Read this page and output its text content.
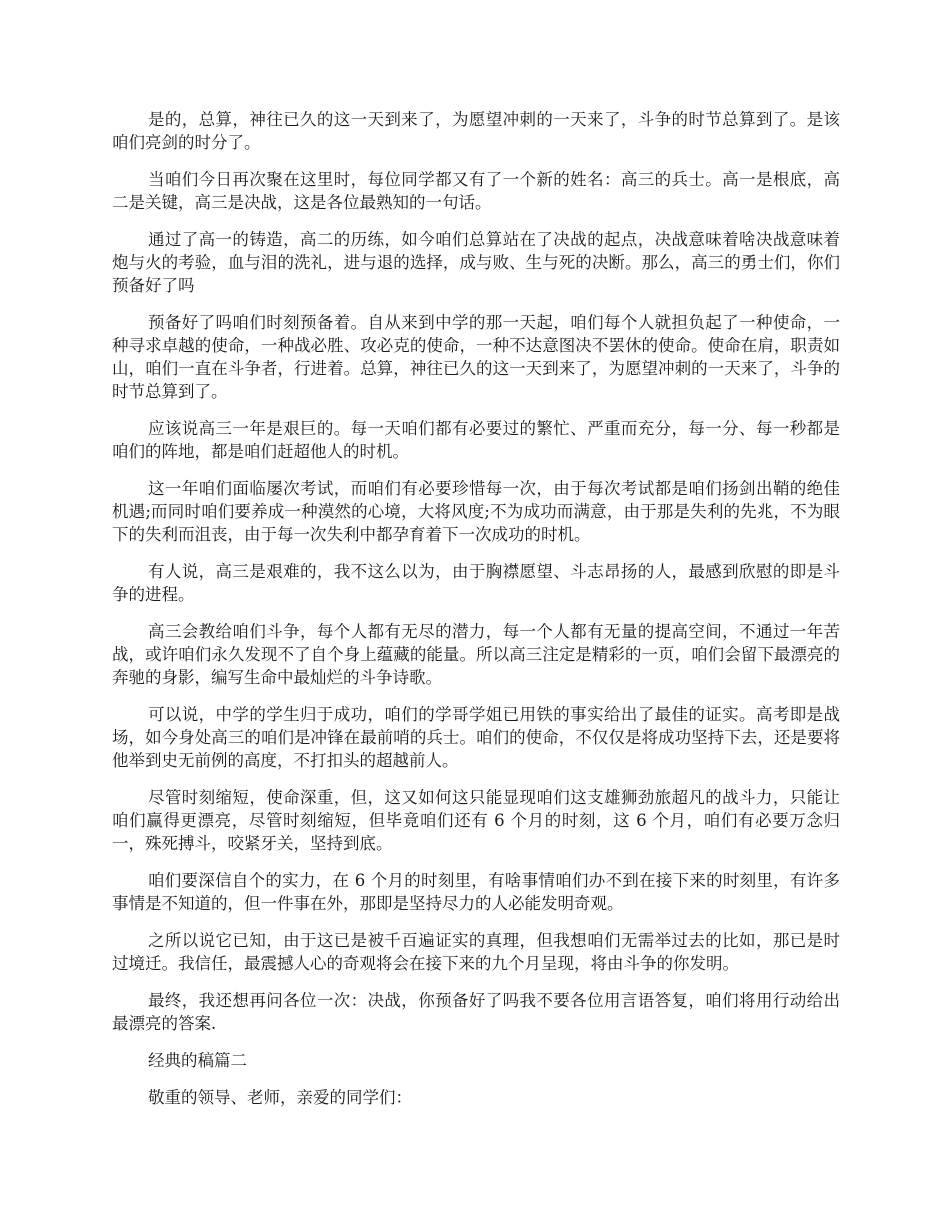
是的，总算，神往已久的这一天到来了，为愿望冲刺的一天来了，斗争的时节总算到了。是该咱们亮剑的时分了。

当咱们今日再次聚在这里时，每位同学都又有了一个新的姓名：高三的兵士。高一是根底，高二是关键，高三是决战，这是各位最熟知的一句话。

通过了高一的铸造，高二的历练，如今咱们总算站在了决战的起点，决战意味着啥决战意味着炮与火的考验，血与泪的洗礼，进与退的选择，成与败、生与死的决断。那么，高三的勇士们，你们预备好了吗

预备好了吗咱们时刻预备着。自从来到中学的那一天起，咱们每个人就担负起了一种使命，一种寻求卓越的使命，一种战必胜、攻必克的使命，一种不达意图决不罢休的使命。使命在肩，职责如山，咱们一直在斗争者，行进着。总算，神往已久的这一天到来了，为愿望冲刺的一天来了，斗争的时节总算到了。

应该说高三一年是艰巨的。每一天咱们都有必要过的繁忙、严重而充分，每一分、每一秒都是咱们的阵地，都是咱们赶超他人的时机。

这一年咱们面临屡次考试，而咱们有必要珍惜每一次，由于每次考试都是咱们扬剑出鞘的绝佳机遇;而同时咱们要养成一种漠然的心境，大将风度;不为成功而满意，由于那是失利的先兆，不为眼下的失利而沮丧，由于每一次失利中都孕育着下一次成功的时机。

有人说，高三是艰难的，我不这么以为，由于胸襟愿望、斗志昂扬的人，最感到欣慰的即是斗争的进程。

高三会教给咱们斗争，每个人都有无尽的潜力，每一个人都有无量的提高空间，不通过一年苦战，或许咱们永久发现不了自个身上蕴藏的能量。所以高三注定是精彩的一页，咱们会留下最漂亮的奔驰的身影，编写生命中最灿烂的斗争诗歌。

可以说，中学的学生归于成功，咱们的学哥学姐已用铁的事实给出了最佳的证实。高考即是战场，如今身处高三的咱们是冲锋在最前哨的兵士。咱们的使命，不仅仅是将成功坚持下去，还是要将他举到史无前例的高度，不打扣头的超越前人。

尽管时刻缩短，使命深重，但，这又如何这只能显现咱们这支雄狮劲旅超凡的战斗力，只能让咱们赢得更漂亮，尽管时刻缩短，但毕竟咱们还有 6 个月的时刻，这 6 个月，咱们有必要万念归一，殊死搏斗，咬紧牙关，坚持到底。

咱们要深信自个的实力，在 6 个月的时刻里，有啥事情咱们办不到在接下来的时刻里，有许多事情是不知道的，但一件事在外，那即是坚持尽力的人必能发明奇观。

之所以说它已知，由于这已是被千百遍证实的真理，但我想咱们无需举过去的比如，那已是时过境迁。我信任，最震撼人心的奇观将会在接下来的九个月呈现，将由斗争的你发明。

最终，我还想再问各位一次：决战，你预备好了吗我不要各位用言语答复，咱们将用行动给出最漂亮的答案.

经典的稿篇二

敬重的领导、老师，亲爱的同学们：
